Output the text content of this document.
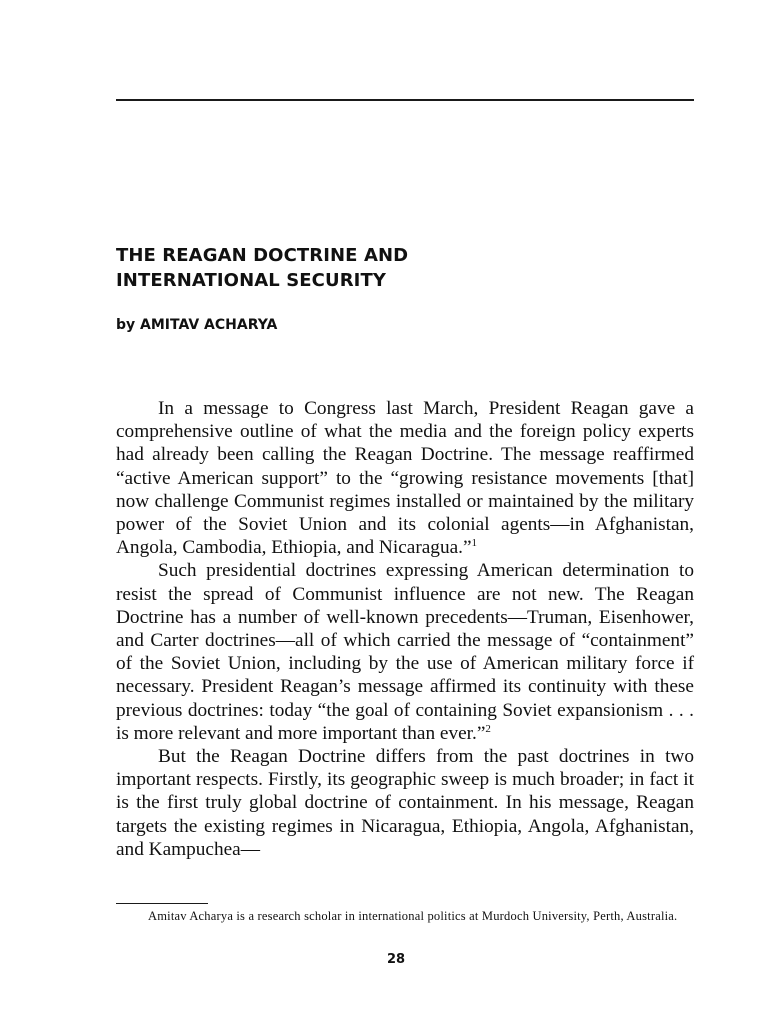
THE REAGAN DOCTRINE AND
INTERNATIONAL SECURITY

by AMITAV ACHARYA

In a message to Congress last March, President Reagan gave a comprehensive outline of what the media and the foreign policy experts had already been calling the Reagan Doctrine. The message reaffirmed “active American support” to the “growing resistance movements [that] now challenge Communist regimes installed or maintained by the military power of the Soviet Union and its colonial agents—in Afghanistan, Angola, Cambodia, Ethiopia, and Nicaragua.”$^1$

Such presidential doctrines expressing American determination to resist the spread of Communist influence are not new. The Reagan Doctrine has a number of well-known precedents—Truman, Eisenhower, and Carter doctrines—all of which carried the message of “containment” of the Soviet Union, including by the use of American military force if necessary. President Reagan’s message affirmed its continuity with these previous doctrines: today “the goal of containing Soviet expansionism . . . is more relevant and more important than ever.”$^2$

But the Reagan Doctrine differs from the past doctrines in two important respects. Firstly, its geographic sweep is much broader; in fact it is the first truly global doctrine of containment. In his message, Reagan targets the existing regimes in Nicaragua, Ethiopia, Angola, Afghanistan, and Kampuchea—

Amitav Acharya is a research scholar in international politics at Murdoch University, Perth, Australia.

28
